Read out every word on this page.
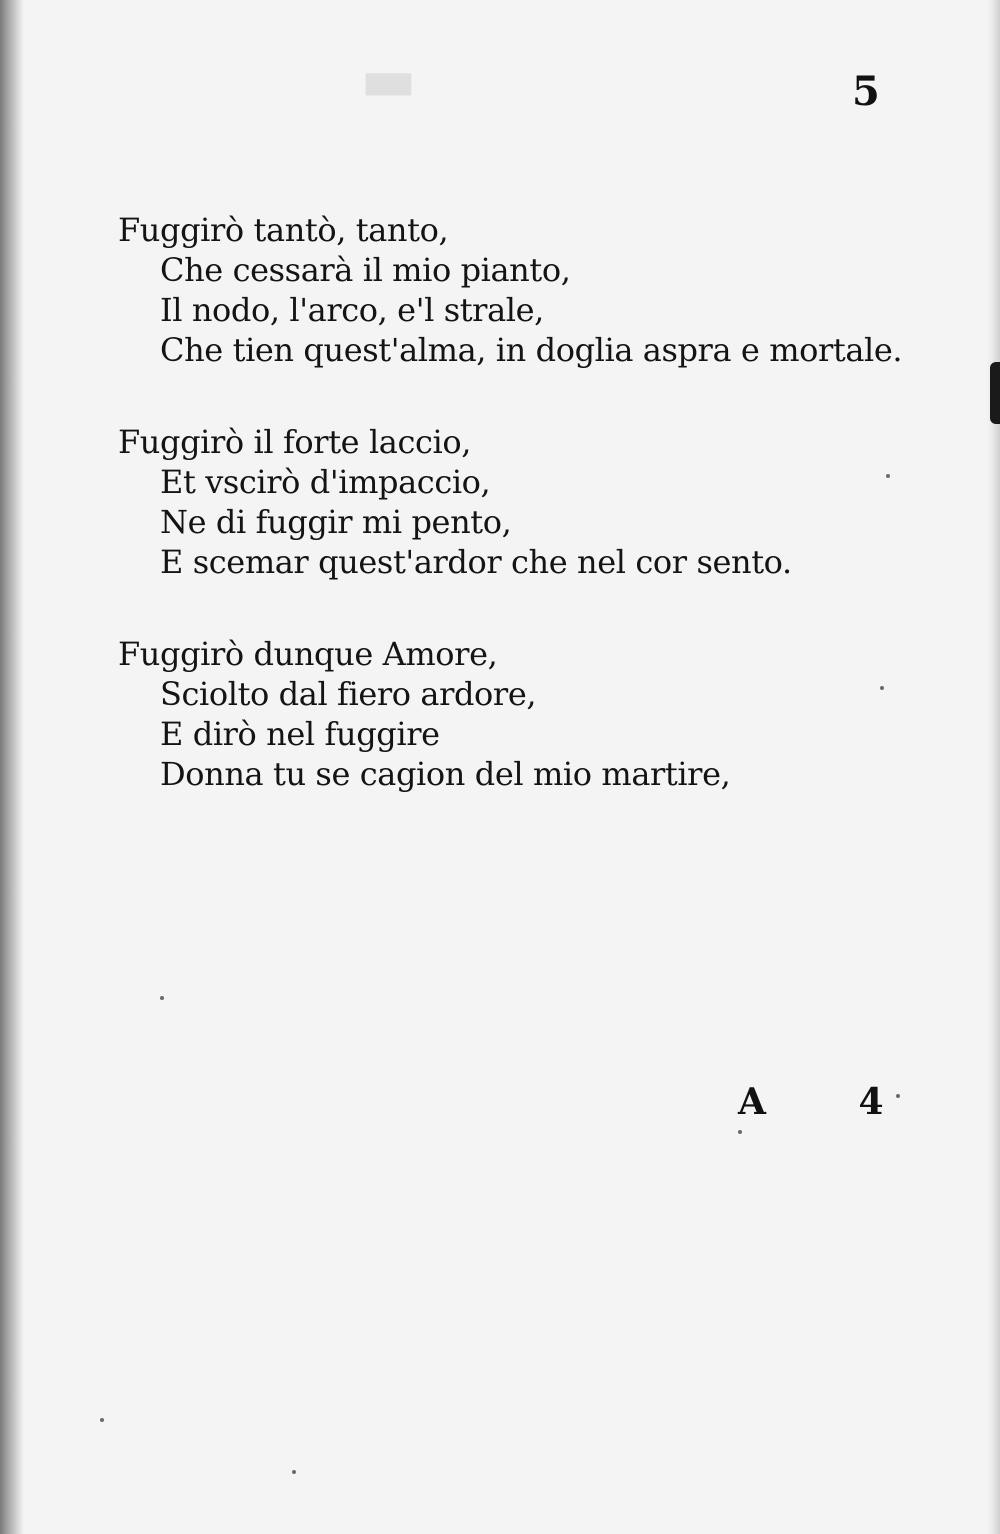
▬	5
Fuggirò tantò, tanto,
Che cessarà il mio pianto,
Il nodo, l'arco, e'l strale,
Che tien quest'alma, in doglia aspra e mortale.
Fuggirò il forte laccio,
Et vscirò d'impaccio,
Ne di fuggir mi pento,
E scemar quest'ardor che nel cor sento.
Fuggirò dunque Amore,
Sciolto dal fiero ardore,
E dirò nel fuggire
Donna tu se cagion del mio martire,
A 4
